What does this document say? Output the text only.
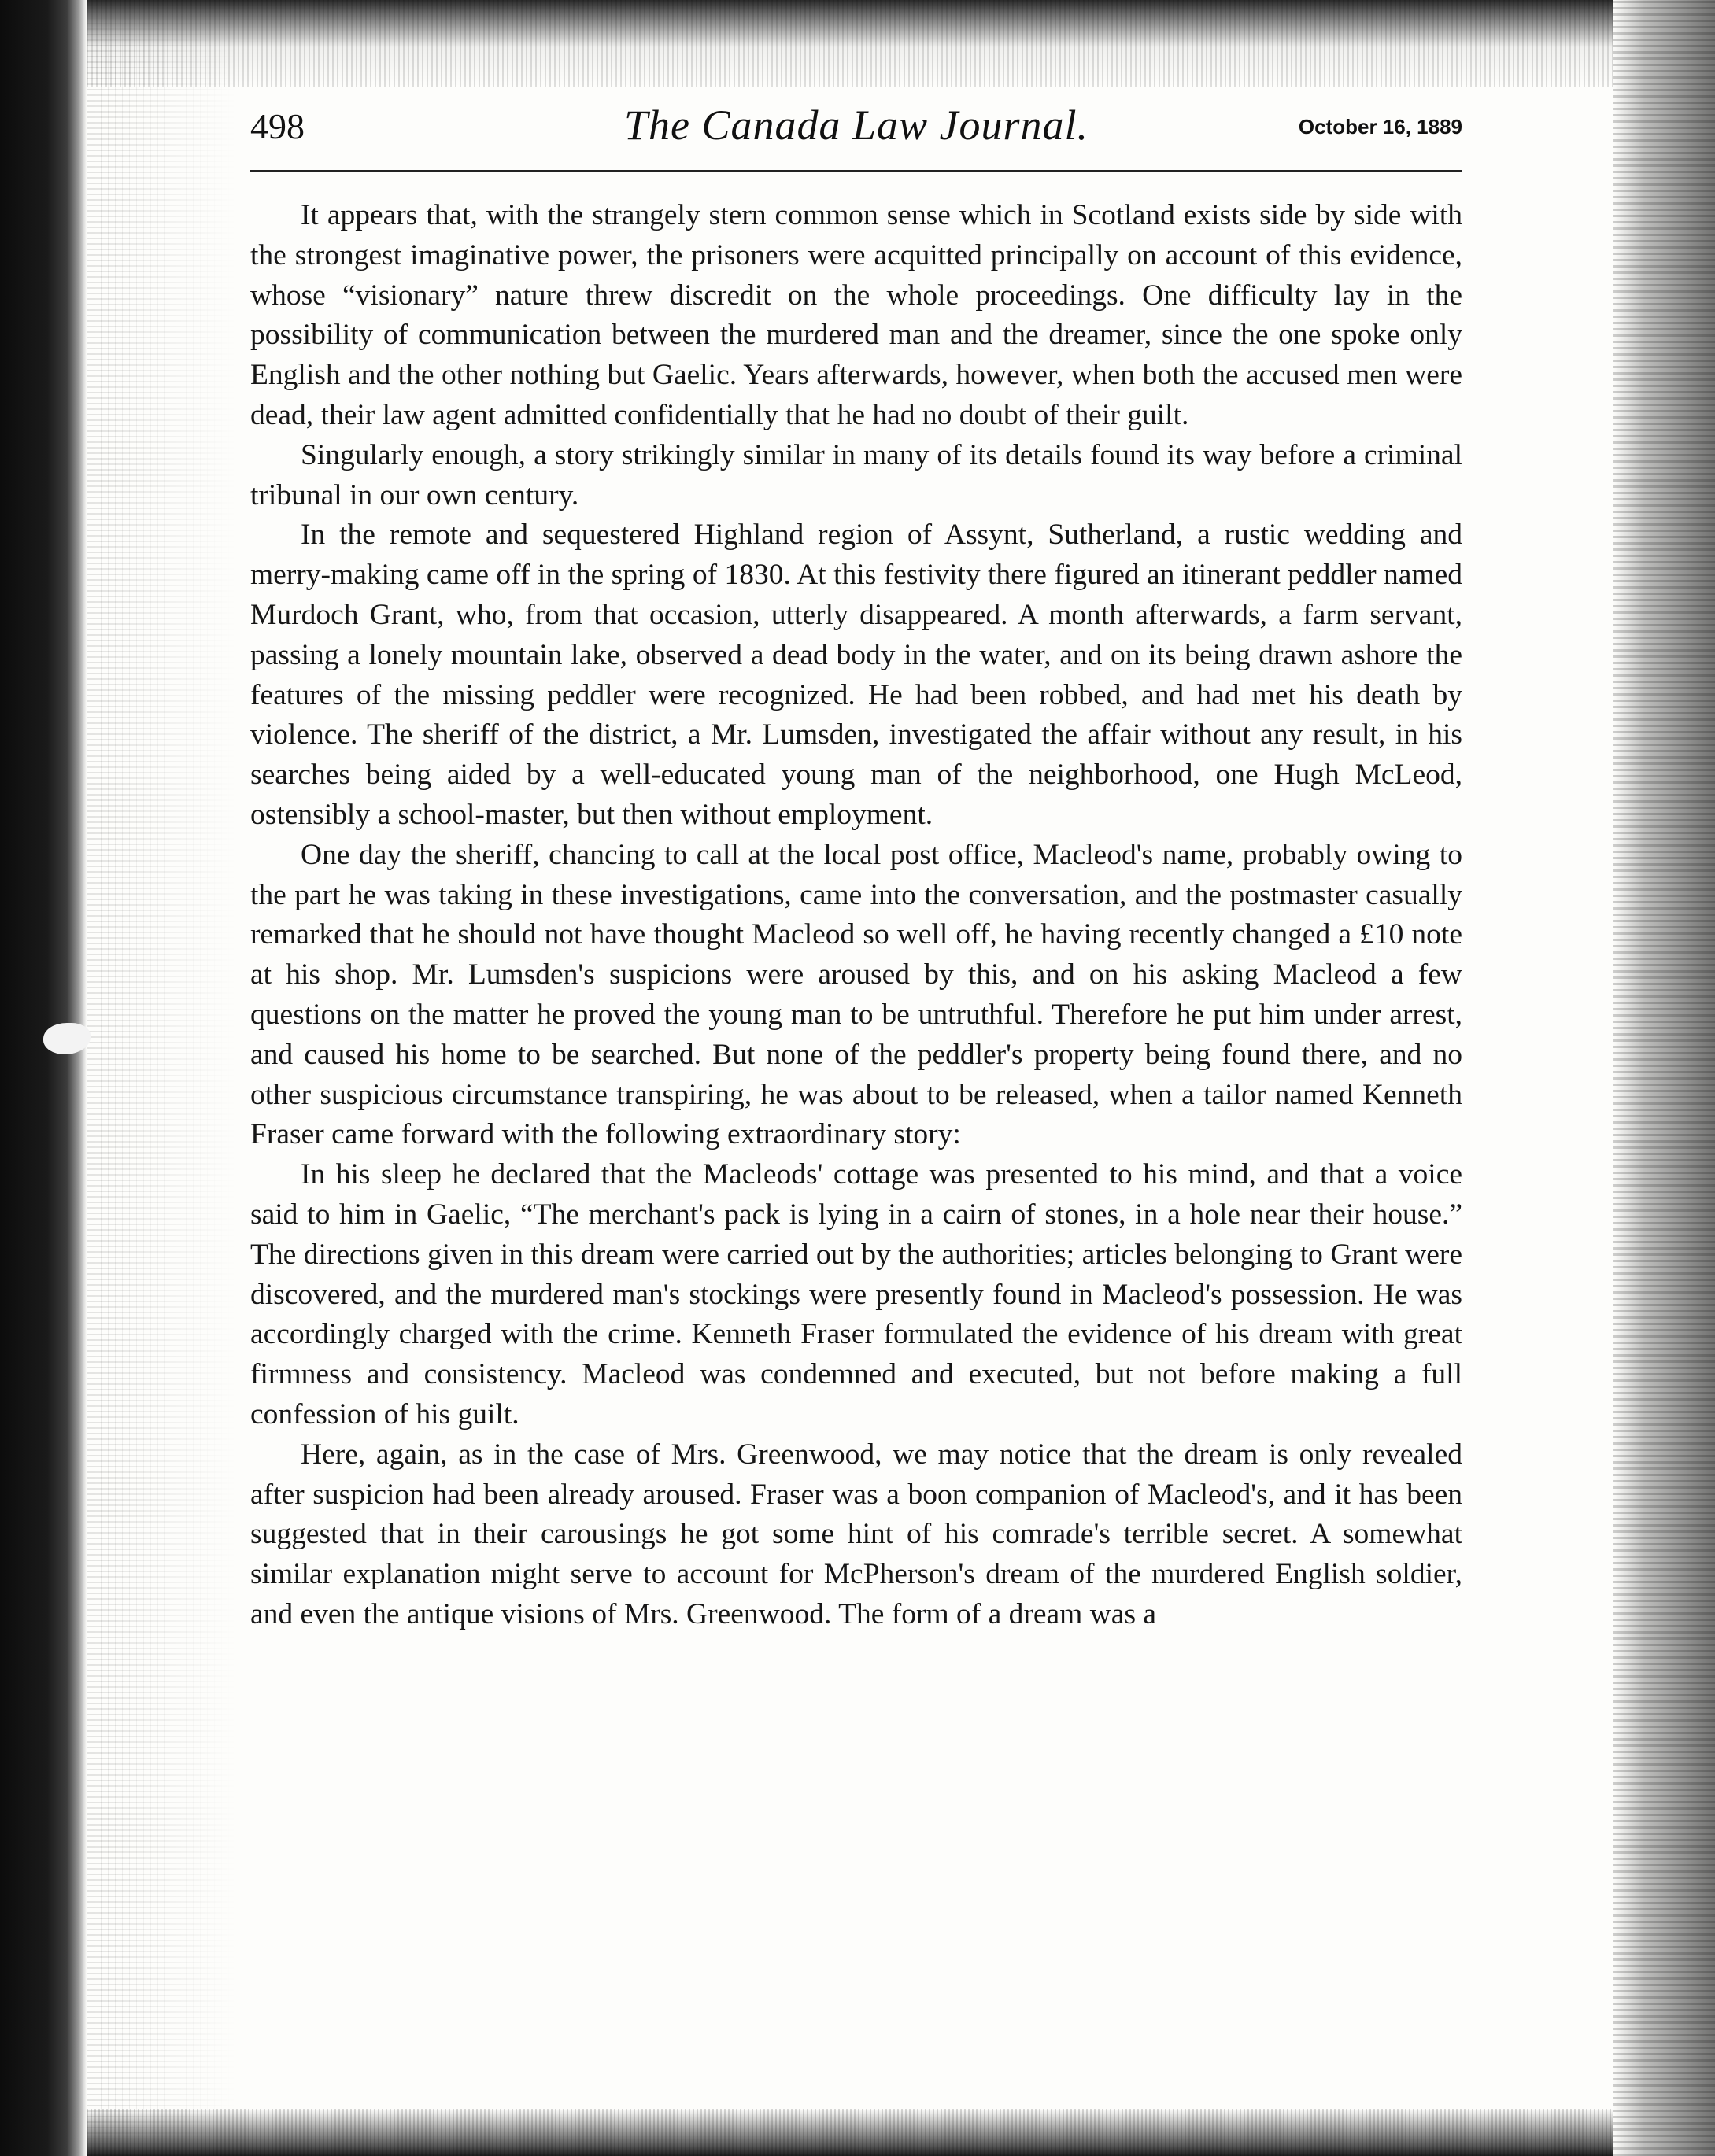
498	The Canada Law Journal.	October 16, 1889

It appears that, with the strangely stern common sense which in Scotland exists side by side with the strongest imaginative power, the prisoners were acquitted principally on account of this evidence, whose “visionary” nature threw discredit on the whole proceedings. One difficulty lay in the possibility of communication between the murdered man and the dreamer, since the one spoke only English and the other nothing but Gaelic. Years afterwards, however, when both the accused men were dead, their law agent admitted confidentially that he had no doubt of their guilt.

Singularly enough, a story strikingly similar in many of its details found its way before a criminal tribunal in our own century.

In the remote and sequestered Highland region of Assynt, Sutherland, a rustic wedding and merry-making came off in the spring of 1830. At this festivity there figured an itinerant peddler named Murdoch Grant, who, from that occasion, utterly disappeared. A month afterwards, a farm servant, passing a lonely mountain lake, observed a dead body in the water, and on its being drawn ashore the features of the missing peddler were recognized. He had been robbed, and had met his death by violence. The sheriff of the district, a Mr. Lumsden, investigated the affair without any result, in his searches being aided by a well-educated young man of the neighborhood, one Hugh McLeod, ostensibly a school-master, but then without employment.

One day the sheriff, chancing to call at the local post office, Macleod's name, probably owing to the part he was taking in these investigations, came into the conversation, and the postmaster casually remarked that he should not have thought Macleod so well off, he having recently changed a £10 note at his shop. Mr. Lumsden's suspicions were aroused by this, and on his asking Macleod a few questions on the matter he proved the young man to be untruthful. Therefore he put him under arrest, and caused his home to be searched. But none of the peddler's property being found there, and no other suspicious circumstance transpiring, he was about to be released, when a tailor named Kenneth Fraser came forward with the following extraordinary story:

In his sleep he declared that the Macleods' cottage was presented to his mind, and that a voice said to him in Gaelic, “The merchant's pack is lying in a cairn of stones, in a hole near their house.” The directions given in this dream were carried out by the authorities; articles belonging to Grant were discovered, and the murdered man's stockings were presently found in Macleod's possession. He was accordingly charged with the crime. Kenneth Fraser formulated the evidence of his dream with great firmness and consistency. Macleod was condemned and executed, but not before making a full confession of his guilt.

Here, again, as in the case of Mrs. Greenwood, we may notice that the dream is only revealed after suspicion had been already aroused. Fraser was a boon companion of Macleod's, and it has been suggested that in their carousings he got some hint of his comrade's terrible secret. A somewhat similar explanation might serve to account for McPherson's dream of the murdered English soldier, and even the antique visions of Mrs. Greenwood. The form of a dream was a
